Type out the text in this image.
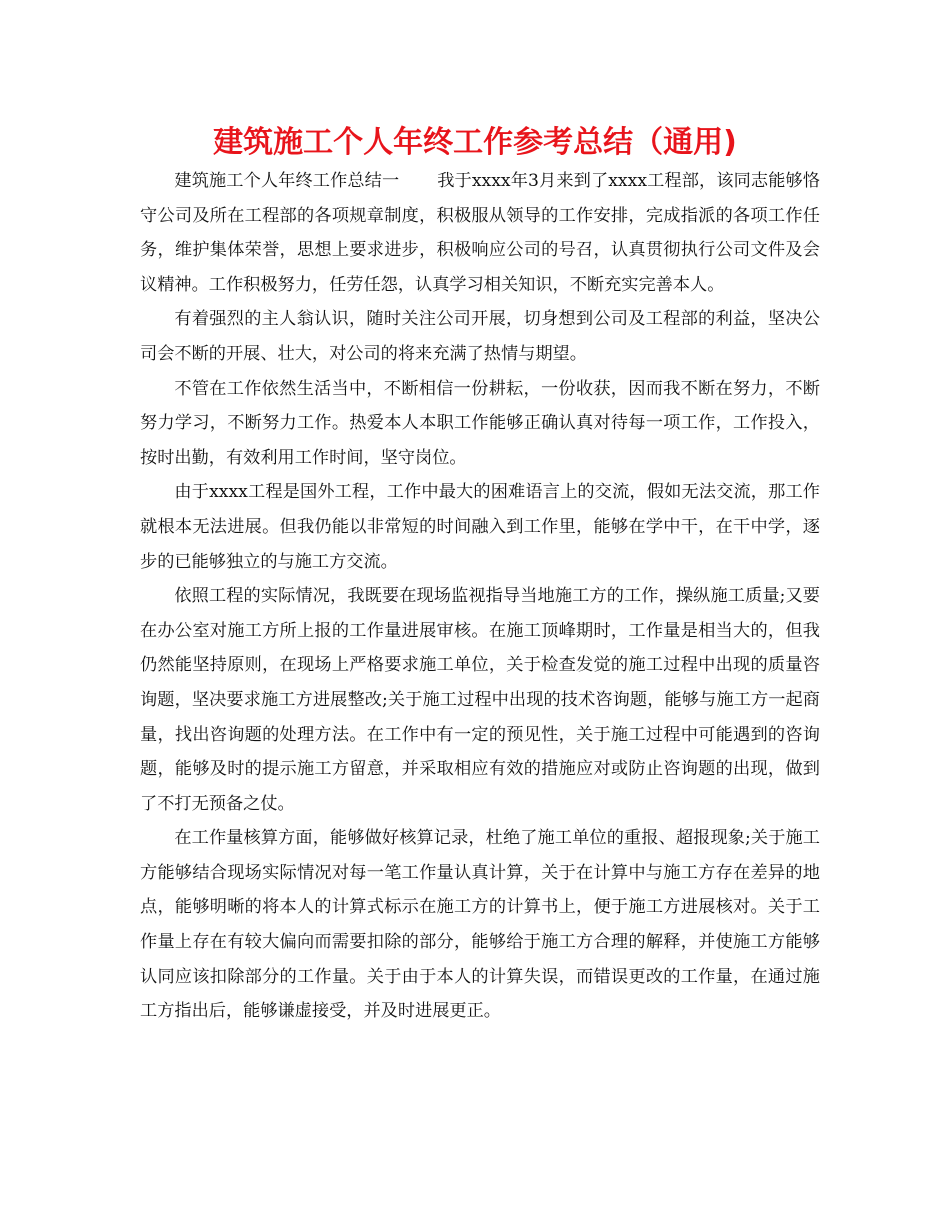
建筑施工个人年终工作参考总结（通用)

建筑施工个人年终工作总结一 我于xxxx年3月来到了xxxx工程部，该同志能够恪守公司及所在工程部的各项规章制度，积极服从领导的工作安排，完成指派的各项工作任务，维护集体荣誉，思想上要求进步，积极响应公司的号召，认真贯彻执行公司文件及会议精神。工作积极努力，任劳任怨，认真学习相关知识，不断充实完善本人。

有着强烈的主人翁认识，随时关注公司开展，切身想到公司及工程部的利益，坚决公司会不断的开展、壮大，对公司的将来充满了热情与期望。

不管在工作依然生活当中，不断相信一份耕耘，一份收获，因而我不断在努力，不断努力学习，不断努力工作。热爱本人本职工作能够正确认真对待每一项工作，工作投入，按时出勤，有效利用工作时间，坚守岗位。

由于xxxx工程是国外工程，工作中最大的困难语言上的交流，假如无法交流，那工作就根本无法进展。但我仍能以非常短的时间融入到工作里，能够在学中干，在干中学，逐步的已能够独立的与施工方交流。

依照工程的实际情况，我既要在现场监视指导当地施工方的工作，操纵施工质量;又要在办公室对施工方所上报的工作量进展审核。在施工顶峰期时，工作量是相当大的，但我仍然能坚持原则，在现场上严格要求施工单位，关于检查发觉的施工过程中出现的质量咨询题，坚决要求施工方进展整改;关于施工过程中出现的技术咨询题，能够与施工方一起商量，找出咨询题的处理方法。在工作中有一定的预见性，关于施工过程中可能遇到的咨询题，能够及时的提示施工方留意，并采取相应有效的措施应对或防止咨询题的出现，做到了不打无预备之仗。

在工作量核算方面，能够做好核算记录，杜绝了施工单位的重报、超报现象;关于施工方能够结合现场实际情况对每一笔工作量认真计算，关于在计算中与施工方存在差异的地点，能够明晰的将本人的计算式标示在施工方的计算书上，便于施工方进展核对。关于工作量上存在有较大偏向而需要扣除的部分，能够给于施工方合理的解释，并使施工方能够认同应该扣除部分的工作量。关于由于本人的计算失误，而错误更改的工作量，在通过施工方指出后，能够谦虚接受，并及时进展更正。
